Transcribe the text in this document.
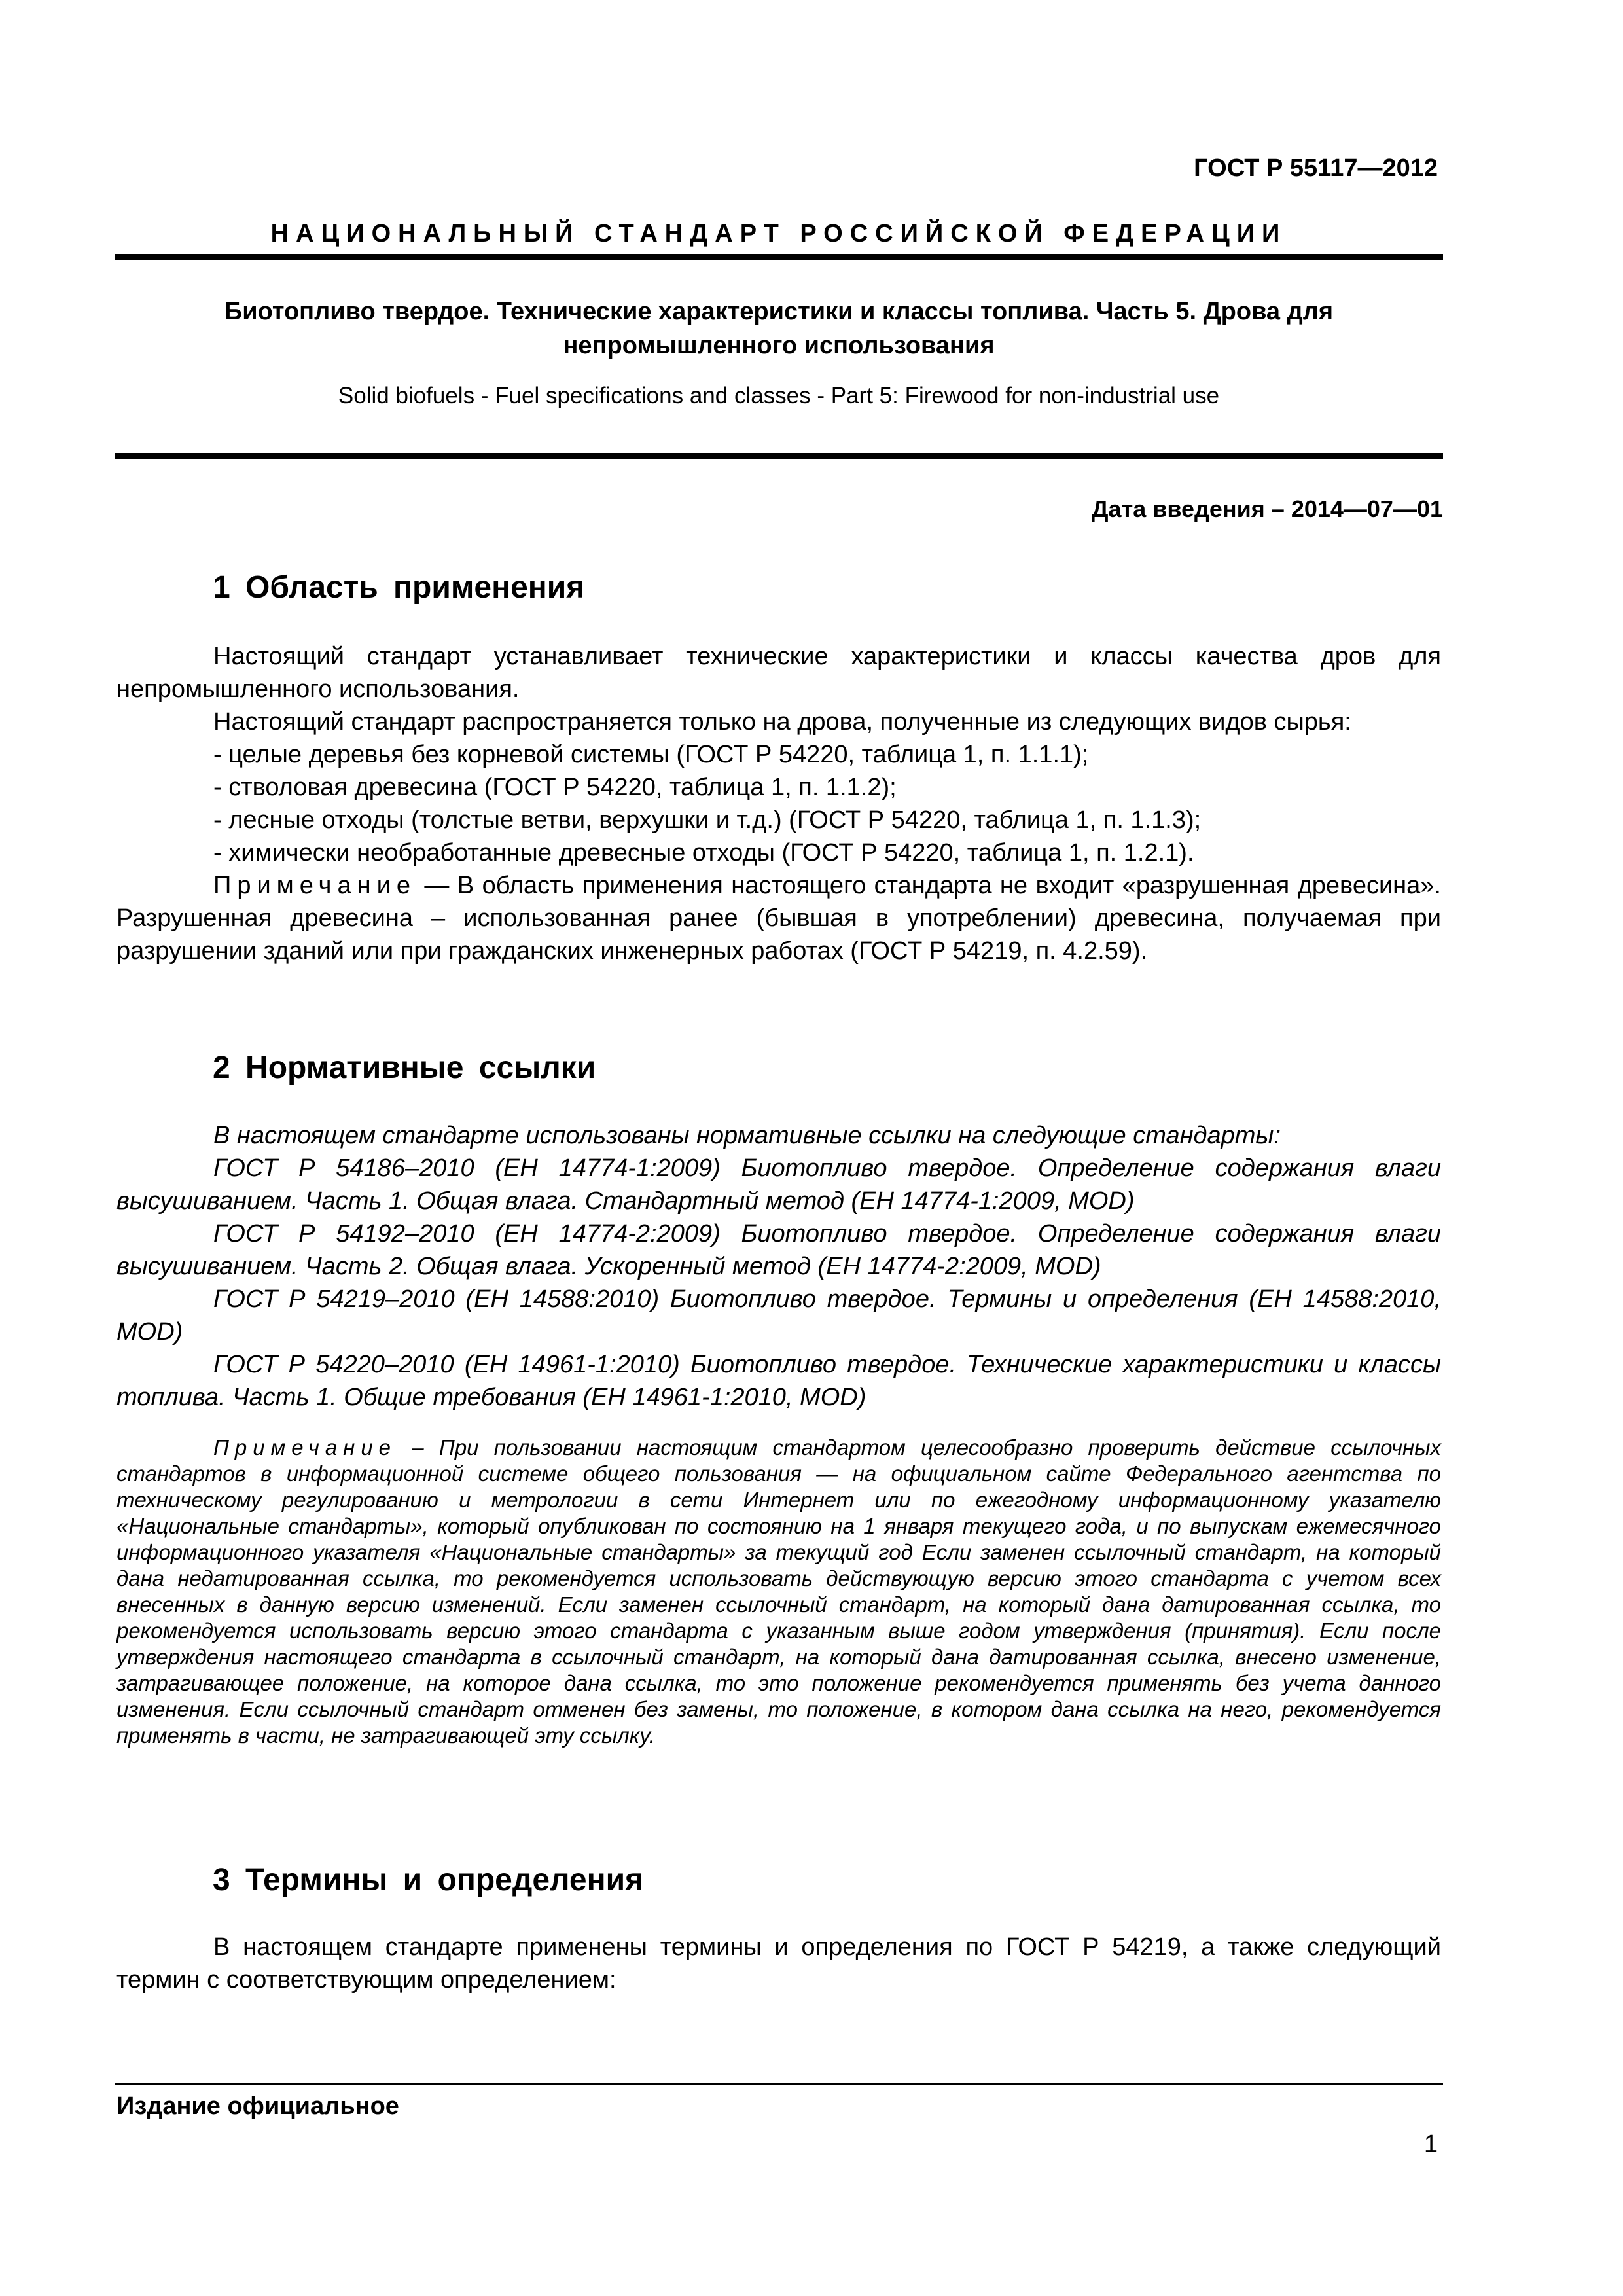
ГОСТ Р 55117—2012
НАЦИОНАЛЬНЫЙ СТАНДАРТ РОССИЙСКОЙ ФЕДЕРАЦИИ
Биотопливо твердое. Технические характеристики и классы топлива. Часть 5. Дрова для непромышленного использования
Solid biofuels - Fuel specifications and classes - Part 5: Firewood for non-industrial use
Дата введения – 2014—07—01
1 Область применения

Настоящий стандарт устанавливает технические характеристики и классы качества дров для непромышленного использования.

Настоящий стандарт распространяется только на дрова, полученные из следующих видов сырья:

- целые деревья без корневой системы (ГОСТ Р 54220, таблица 1, п. 1.1.1);

- стволовая древесина (ГОСТ Р 54220, таблица 1, п. 1.1.2);

- лесные отходы (толстые ветви, верхушки и т.д.) (ГОСТ Р 54220, таблица 1, п. 1.1.3);

- химически необработанные древесные отходы (ГОСТ Р 54220, таблица 1, п. 1.2.1).

Примечание — В область применения настоящего стандарта не входит «разрушенная древесина». Разрушенная древесина – использованная ранее (бывшая в употреблении) древесина, получаемая при разрушении зданий или при гражданских инженерных работах (ГОСТ Р 54219, п. 4.2.59).

2 Нормативные ссылки

В настоящем стандарте использованы нормативные ссылки на следующие стандарты:

ГОСТ Р 54186–2010 (ЕН 14774-1:2009) Биотопливо твердое. Определение содержания влаги высушиванием. Часть 1. Общая влага. Стандартный метод (ЕН 14774-1:2009, MOD)

ГОСТ Р 54192–2010 (ЕН 14774-2:2009) Биотопливо твердое. Определение содержания влаги высушиванием. Часть 2. Общая влага. Ускоренный метод (ЕН 14774-2:2009, MOD)

ГОСТ Р 54219–2010 (ЕН 14588:2010) Биотопливо твердое. Термины и определения (ЕН 14588:2010, MOD)

ГОСТ Р 54220–2010 (ЕН 14961-1:2010) Биотопливо твердое. Технические характеристики и классы топлива. Часть 1. Общие требования (ЕН 14961-1:2010, MOD)

Примечание – При пользовании настоящим стандартом целесообразно проверить действие ссылочных стандартов в информационной системе общего пользования — на официальном сайте Федерального агентства по техническому регулированию и метрологии в сети Интернет или по ежегодному информационному указателю «Национальные стандарты», который опубликован по состоянию на 1 января текущего года, и по выпускам ежемесячного информационного указателя «Национальные стандарты» за текущий год Если заменен ссылочный стандарт, на который дана недатированная ссылка, то рекомендуется использовать действующую версию этого стандарта с учетом всех внесенных в данную версию изменений. Если заменен ссылочный стандарт, на который дана датированная ссылка, то рекомендуется использовать версию этого стандарта с указанным выше годом утверждения (принятия). Если после утверждения настоящего стандарта в ссылочный стандарт, на который дана датированная ссылка, внесено изменение, затрагивающее положение, на которое дана ссылка, то это положение рекомендуется применять без учета данного изменения. Если ссылочный стандарт отменен без замены, то положение, в котором дана ссылка на него, рекомендуется применять в части, не затрагивающей эту ссылку.

3 Термины и определения

В настоящем стандарте применены термины и определения по ГОСТ Р 54219, а также следующий термин с соответствующим определением:

Издание официальное
1
